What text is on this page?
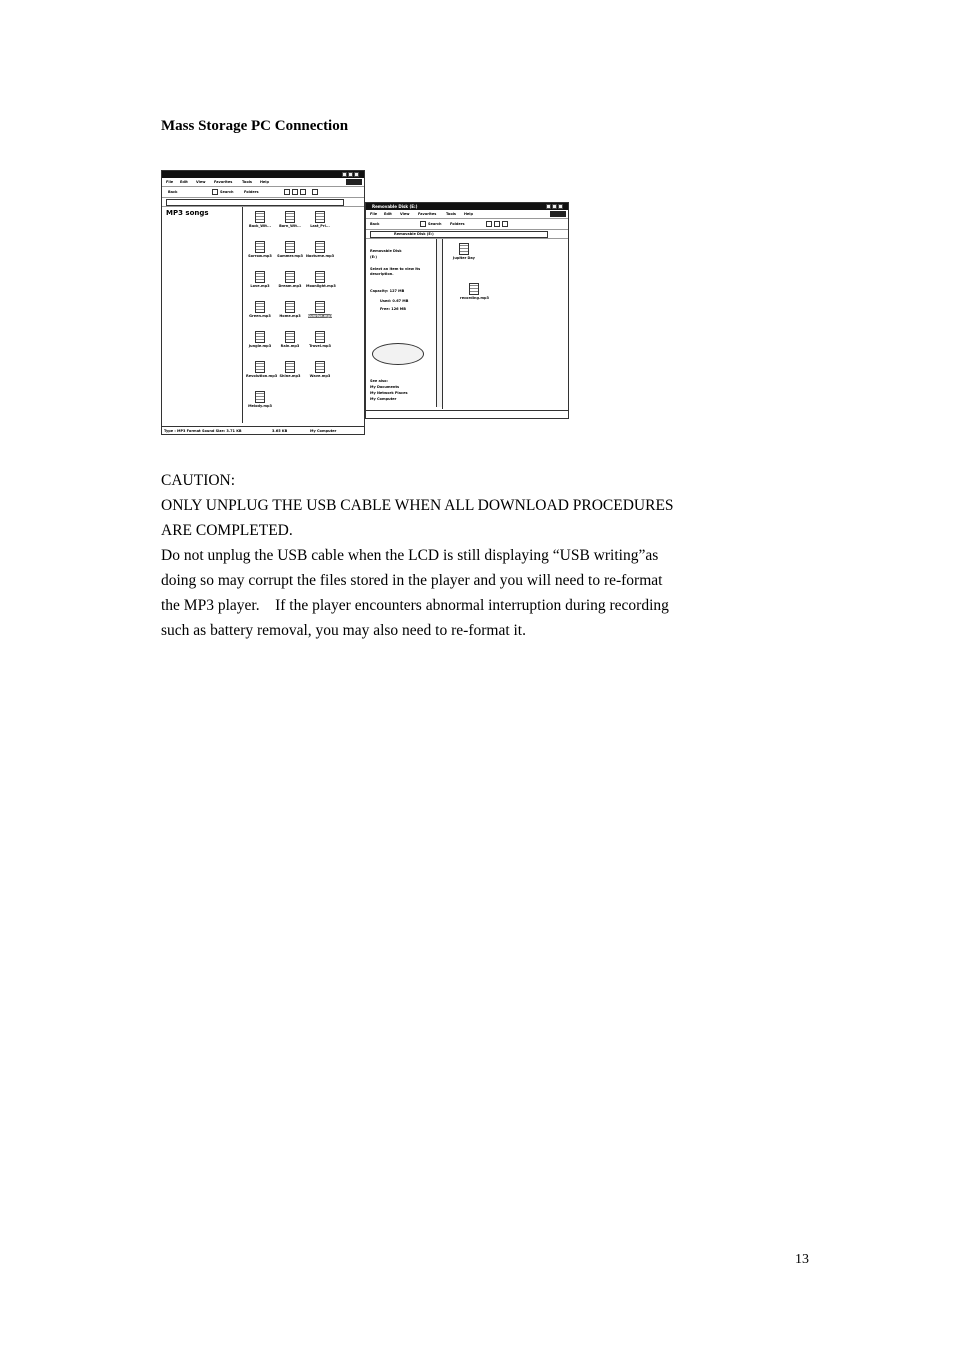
Mass Storage PC Connection
File Edit View Favorites	Tools Help
Back	Search	Folders
MP3 songs
Back_Wit...	Born_Wit...	Last_Pri...
Sorrow.mp3	Summer.mp3 Nocturne.mp3
Love.mp3	Dream.mp3	Moonlight.mp3
Green.mp3	Home.mp3	Sunrise.mp3
Jungle.mp3	Rain.mp3	Travel.mp3
Revolution.mp3 Shine.mp3	Wave.mp3
Melody.mp3
Type : MP3 Format Sound Size: 3.71 KB	3.65 KB	My Computer
Removable Disk (E:)
File Edit View Favorites	Tools Help
Back	Search Folders
Removable Disk (E:)
Removable Disk
(E:)
Select an item to view its
description.
Capacity: 127 MB
Used: 0.67 MB
Free: 126 MB
See also:
My Documents
My Network Places
My Computer
Jupiter Day
recording.mp3
CAUTION:
ONLY UNPLUG THE USB CABLE WHEN ALL DOWNLOAD PROCEDURES
ARE COMPLETED.
Do not unplug the USB cable when the LCD is still displaying “USB writing”as
doing so may corrupt the files stored in the player and you will need to re-format
the MP3 player.    If the player encounters abnormal interruption during recording
such as battery removal, you may also need to re-format it.
13
